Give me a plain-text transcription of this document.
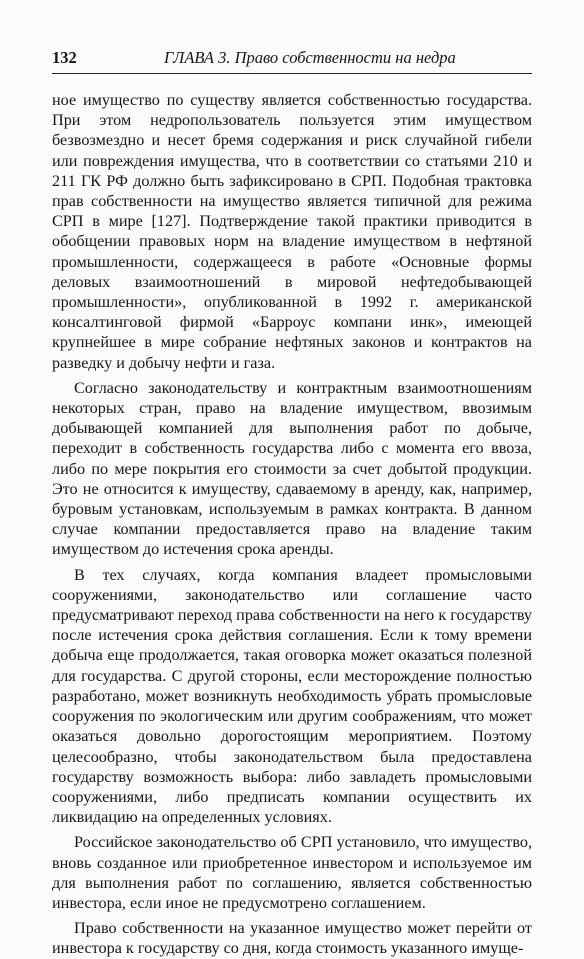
132	ГЛАВА 3. Право собственности на недра

ное имущество по существу является собственностью государства. При этом недропользователь пользуется этим имуществом безвозмездно и несет бремя содержания и риск случайной гибели или повреждения имущества, что в соответствии со статьями 210 и 211 ГК РФ должно быть зафиксировано в СРП. Подобная трактовка прав собственности на имущество является типичной для режима СРП в мире [127]. Подтверждение такой практики приводится в обобщении правовых норм на владение имуществом в нефтяной промышленности, содержащееся в работе «Основные формы деловых взаимоотношений в мировой нефтедобывающей промышленности», опубликованной в 1992 г. американской консалтинговой фирмой «Барроус компани инк», имеющей крупнейшее в мире собрание нефтяных законов и контрактов на разведку и добычу нефти и газа.

Согласно законодательству и контрактным взаимоотношениям некоторых стран, право на владение имуществом, ввозимым добывающей компанией для выполнения работ по добыче, переходит в собственность государства либо с момента его ввоза, либо по мере покрытия его стоимости за счет добытой продукции. Это не относится к имуществу, сдаваемому в аренду, как, например, буровым установкам, используемым в рамках контракта. В данном случае компании предоставляется право на владение таким имуществом до истечения срока аренды.

В тех случаях, когда компания владеет промысловыми сооружениями, законодательство или соглашение часто предусматривают переход права собственности на него к государству после истечения срока действия соглашения. Если к тому времени добыча еще продолжается, такая оговорка может оказаться полезной для государства. С другой стороны, если месторождение полностью разработано, может возникнуть необходимость убрать промысловые сооружения по экологическим или другим соображениям, что может оказаться довольно дорогостоящим мероприятием. Поэтому целесообразно, чтобы законодательством была предоставлена государству возможность выбора: либо завладеть промысловыми сооружениями, либо предписать компании осуществить их ликвидацию на определенных условиях.

Российское законодательство об СРП установило, что имущество, вновь созданное или приобретенное инвестором и используемое им для выполнения работ по соглашению, является собственностью инвестора, если иное не предусмотрено соглашением.

Право собственности на указанное имущество может перейти от инвестора к государству со дня, когда стоимость указанного имуще-
